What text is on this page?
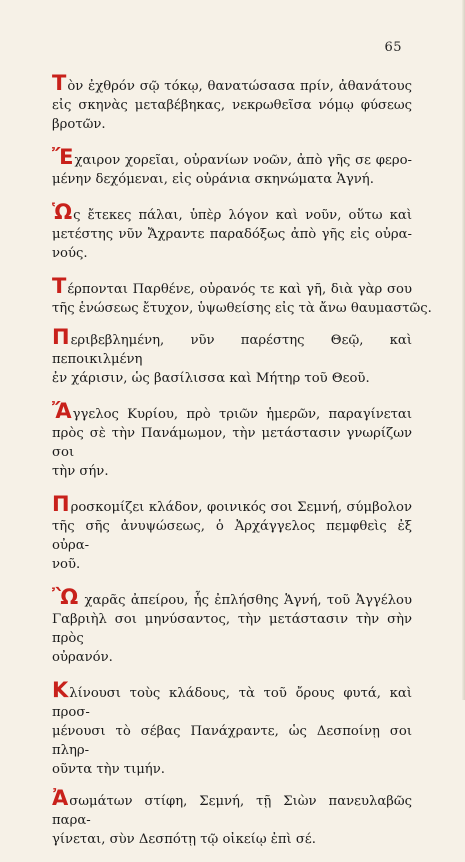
65

Τὸν ἐχθρόν σῷ τόκῳ, θανατώσασα πρίν, ἀθανάτους
εἰς σκηνὰς μεταβέβηκας, νεκρωθεῖσα νόμῳ φύσεως
βροτῶν.

Ἔχαιρον χορεῖαι, οὐρανίων νοῶν, ἀπὸ γῆς σε φερο-
μένην δεχόμεναι, εἰς οὐράνια σκηνώματα Ἁγνή.

Ὡς ἔτεκες πάλαι, ὑπὲρ λόγον καὶ νοῦν, οὕτω καὶ
μετέστης νῦν Ἄχραντε παραδόξως ἀπὸ γῆς εἰς οὐρα-
νούς.

Τέρπονται Παρθένε, οὐρανός τε καὶ γῆ, διὰ γὰρ σου
τῆς ἑνώσεως ἔτυχον, ὑψωθείσης εἰς τὰ ἄνω θαυμαστῶς.

Περιβεβλημένη, νῦν παρέστης Θεῷ, καὶ πεποικιλμένη
ἐν χάρισιν, ὡς βασίλισσα καὶ Μήτηρ τοῦ Θεοῦ.

Ἄγγελος Κυρίου, πρὸ τριῶν ἡμερῶν, παραγίνεται
πρὸς σὲ τὴν Πανάμωμον, τὴν μετάστασιν γνωρίζων σοι
τὴν σήν.

Προσκομίζει κλάδον, φοινικός σοι Σεμνή, σύμβολον
τῆς σῆς ἀνυψώσεως, ὁ Ἀρχάγγελος πεμφθεὶς ἐξ οὐρα-
νοῦ.

Ὢ χαρᾶς ἀπείρου, ἧς ἐπλήσθης Ἁγνή, τοῦ Ἀγγέλου
Γαβριὴλ σοι μηνύσαντος, τὴν μετάστασιν τὴν σὴν πρὸς
οὐρανόν.

Κλίνουσι τοὺς κλάδους, τὰ τοῦ ὄρους φυτά, καὶ προσ-
μένουσι τὸ σέβας Πανάχραντε, ὡς Δεσποίνῃ σοι πληρ-
οῦντα τὴν τιμήν.

Ἀσωμάτων στίφη, Σεμνή, τῇ Σιὼν πανευλαβῶς παρα-
γίνεται, σὺν Δεσπότῃ τῷ οἰκείῳ ἐπὶ σέ.
